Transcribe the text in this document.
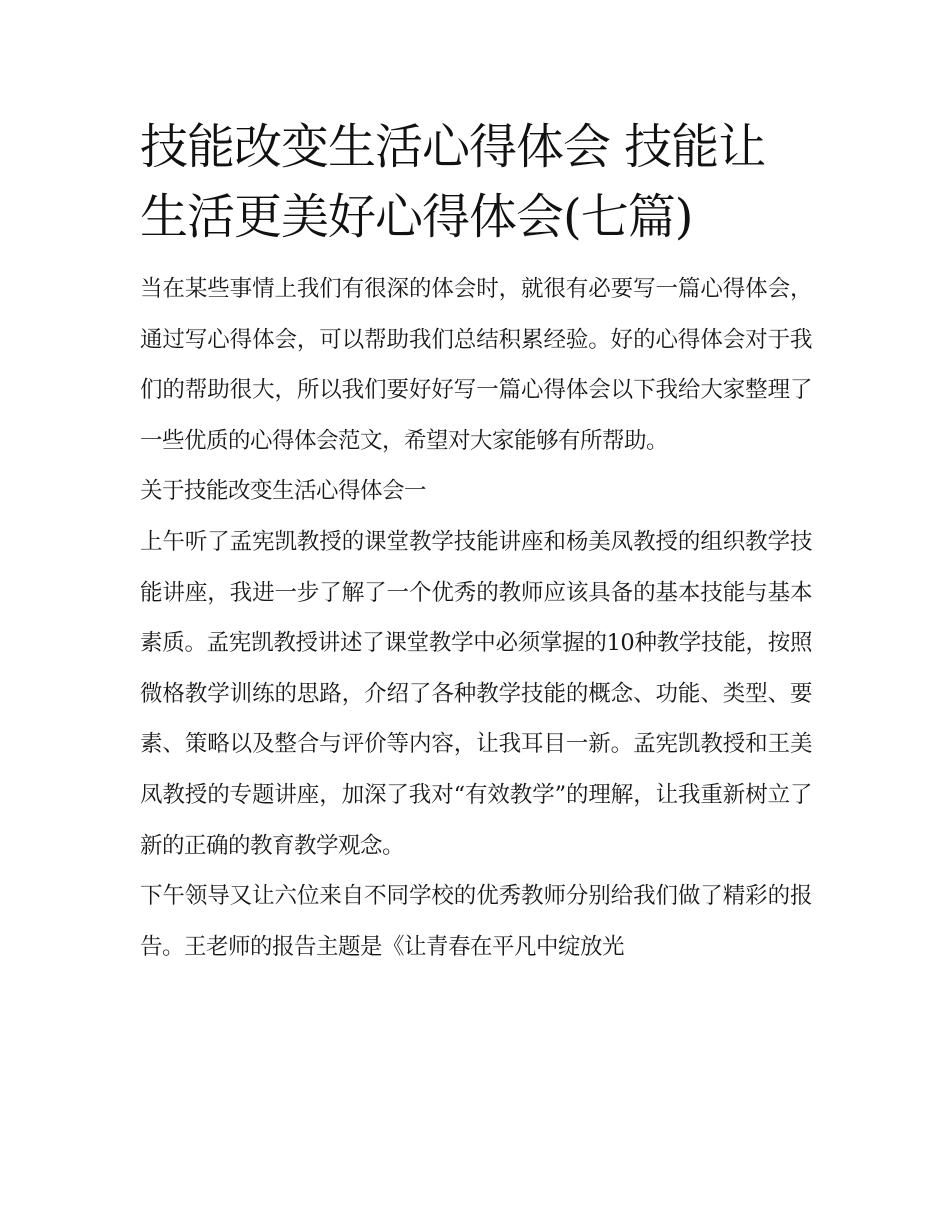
技能改变生活心得体会 技能让生活更美好心得体会(七篇)

当在某些事情上我们有很深的体会时，就很有必要写一篇心得体会，通过写心得体会，可以帮助我们总结积累经验。好的心得体会对于我们的帮助很大，所以我们要好好写一篇心得体会以下我给大家整理了一些优质的心得体会范文，希望对大家能够有所帮助。

关于技能改变生活心得体会一

上午听了孟宪凯教授的课堂教学技能讲座和杨美凤教授的组织教学技能讲座，我进一步了解了一个优秀的教师应该具备的基本技能与基本素质。孟宪凯教授讲述了课堂教学中必须掌握的10种教学技能，按照微格教学训练的思路，介绍了各种教学技能的概念、功能、类型、要素、策略以及整合与评价等内容，让我耳目一新。孟宪凯教授和王美凤教授的专题讲座，加深了我对“有效教学”的理解，让我重新树立了新的正确的教育教学观念。

下午领导又让六位来自不同学校的优秀教师分别给我们做了精彩的报告。王老师的报告主题是《让青春在平凡中绽放光
